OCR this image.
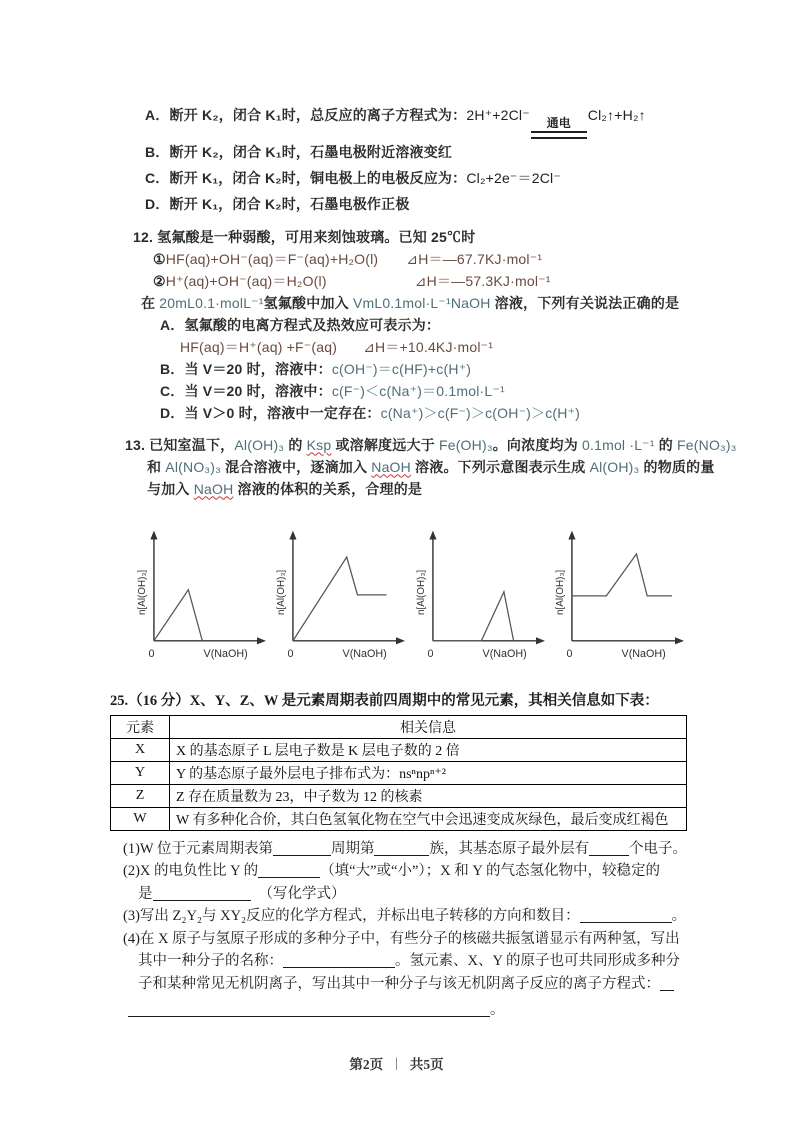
A．断开 K₂，闭合 K₁时，总反应的离子方程式为：2H⁺+2Cl⁻ 通电 Cl₂↑+H₂↑
B．断开 K₂，闭合 K₁时，石墨电极附近溶液变红
C．断开 K₁，闭合 K₂时，铜电极上的电极反应为：Cl₂+2e⁻＝2Cl⁻
D．断开 K₁，闭合 K₂时，石墨电极作正极
12. 氢氟酸是一种弱酸，可用来刻蚀玻璃。已知 25℃时
①HF(aq)+OH⁻(aq)＝F⁻(aq)+H₂O(l) ⊿H＝—67.7KJ·mol⁻¹
②H⁺(aq)+OH⁻(aq)＝H₂O(l)	⊿H＝—57.3KJ·mol⁻¹
在 20mL0.1·molL⁻¹氢氟酸中加入 VmL0.1mol·L⁻¹NaOH 溶液，下列有关说法正确的是
A．氢氟酸的电离方程式及热效应可表示为：
HF(aq)＝H⁺(aq) +F⁻(aq) ⊿H＝+10.4KJ·mol⁻¹
B．当 V＝20 时，溶液中：c(OH⁻)＝c(HF)+c(H⁺)
C．当 V＝20 时，溶液中：c(F⁻)＜c(Na⁺)＝0.1mol·L⁻¹
D．当 V＞0 时，溶液中一定存在：c(Na⁺)＞c(F⁻)＞c(OH⁻)＞c(H⁺)
13. 已知室温下，Al(OH)₃ 的 Ksp 或溶解度远大于 Fe(OH)₃。向浓度均为 0.1mol ·L⁻¹ 的 Fe(NO₃)₃
和 Al(NO₃)₃ 混合溶液中，逐滴加入 NaOH 溶液。下列示意图表示生成 Al(OH)₃ 的物质的量
与加入 NaOH 溶液的体积的关系，合理的是
n[Al(OH)₃]
0	V(NaOH)
n[Al(OH)₃]
0	V(NaOH)
n[Al(OH)₃]
0	V(NaOH)
n[Al(OH)₃]
0	V(NaOH)
25.（16 分）X、Y、Z、W 是元素周期表前四周期中的常见元素，其相关信息如下表：
元素	相关信息
X	X 的基态原子 L 层电子数是 K 层电子数的 2 倍
Y	Y 的基态原子最外层电子排布式为：nsⁿnpⁿ⁺²
Z	Z 存在质量数为 23，中子数为 12 的核素
W	W 有多种化合价，其白色氢氧化物在空气中会迅速变成灰绿色，最后变成红褐色
(1)W 位于元素周期表第	周期第	族，其基态原子最外层有	个电子。
(2)X 的电负性比 Y 的	（填“大”或“小”）；X 和 Y 的气态氢化物中，较稳定的
是	（写化学式）
(3)写出 Z₂Y₂与 XY₂反应的化学方程式，并标出电子转移的方向和数目：	。
(4)在 X 原子与氢原子形成的多种分子中，有些分子的核磁共振氢谱显示有两种氢，写出
其中一种分子的名称：	。氢元素、X、Y 的原子也可共同形成多种分
子和某种常见无机阴离子，写出其中一种分子与该无机阴离子反应的离子方程式：
。
第2页 | 共5页
